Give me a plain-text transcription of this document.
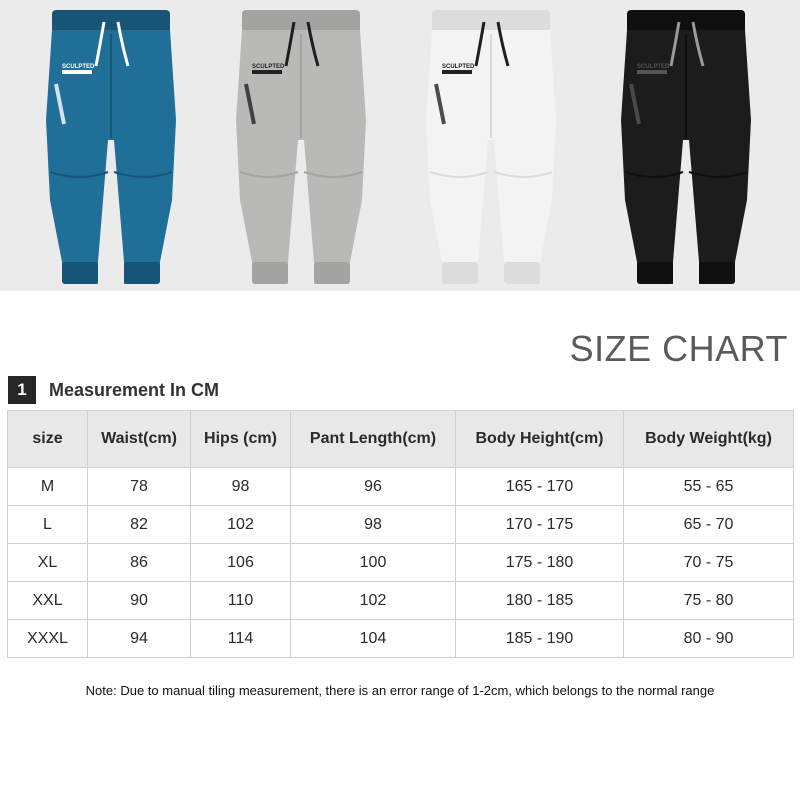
SCULPTED	SCULPTED	SCULPTED	SCULPTED
SIZE CHART
1	Measurement In CM
size	Waist(cm)	Hips (cm)	Pant Length(cm)	Body Height(cm)	Body Weight(kg)
M	78	98	96	165 - 170	55 - 65
L	82	102	98	170 - 175	65 - 70
XL	86	106	100	175 - 180	70 - 75
XXL	90	110	102	180 - 185	75 - 80
XXXL	94	114	104	185 - 190	80 - 90
Note: Due to manual tiling measurement, there is an error range of 1-2cm, which belongs to the normal range
